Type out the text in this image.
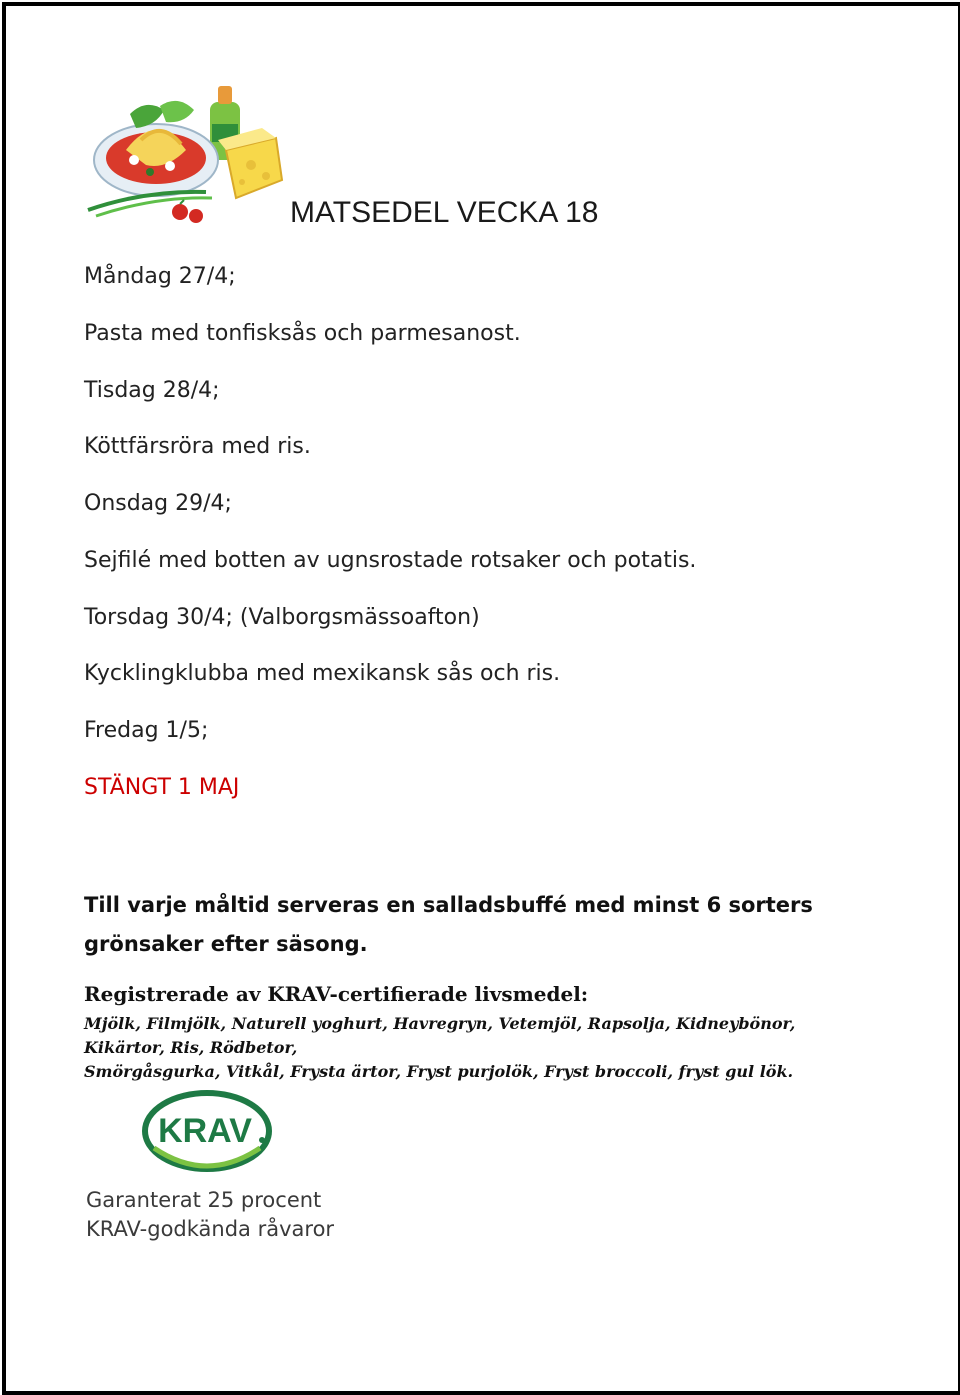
MATSEDEL VECKA 18
Måndag 27/4;
Pasta med tonfisksås och parmesanost.
Tisdag 28/4;
Köttfärsröra med ris.
Onsdag 29/4;
Sejfilé med botten av ugnsrostade rotsaker och potatis.
Torsdag 30/4; (Valborgsmässoafton)
Kycklingklubba med mexikansk sås och ris.
Fredag 1/5;
STÄNGT 1 MAJ
Till varje måltid serveras en salladsbuffé med minst 6 sorters grönsaker efter säsong.
Registrerade av KRAV-certifierade livsmedel:
Mjölk, Filmjölk, Naturell yoghurt, Havregryn, Vetemjöl, Rapsolja, Kidneybönor,
Kikärtor, Ris, Rödbetor,
Smörgåsgurka, Vitkål, Frysta ärtor, Fryst purjolök, Fryst broccoli, fryst gul lök.
KRAV
Garanterat 25 procent
KRAV-godkända råvaror
